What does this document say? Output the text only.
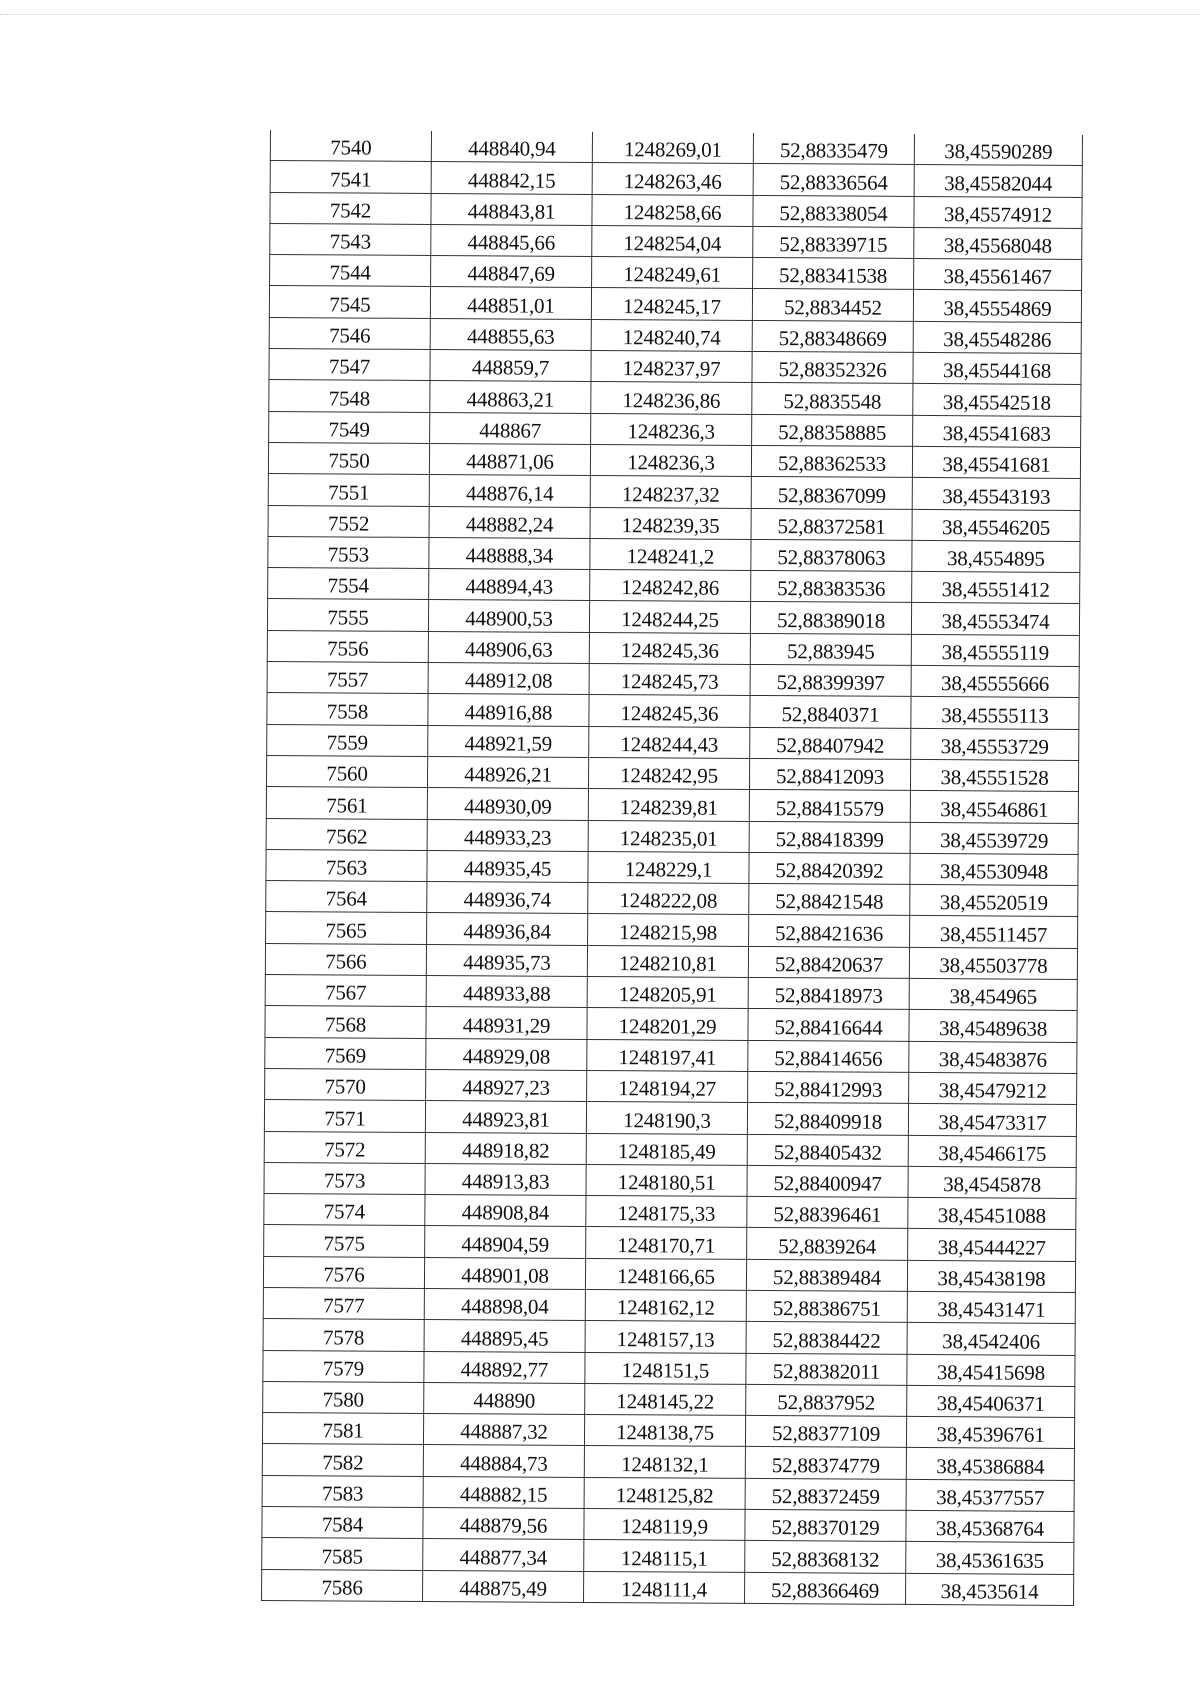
7540	448840,94	1248269,01	52,88335479	38,45590289
7541	448842,15	1248263,46	52,88336564	38,45582044
7542	448843,81	1248258,66	52,88338054	38,45574912
7543	448845,66	1248254,04	52,88339715	38,45568048
7544	448847,69	1248249,61	52,88341538	38,45561467
7545	448851,01	1248245,17	52,8834452	38,45554869
7546	448855,63	1248240,74	52,88348669	38,45548286
7547	448859,7	1248237,97	52,88352326	38,45544168
7548	448863,21	1248236,86	52,8835548	38,45542518
7549	448867	1248236,3	52,88358885	38,45541683
7550	448871,06	1248236,3	52,88362533	38,45541681
7551	448876,14	1248237,32	52,88367099	38,45543193
7552	448882,24	1248239,35	52,88372581	38,45546205
7553	448888,34	1248241,2	52,88378063	38,4554895
7554	448894,43	1248242,86	52,88383536	38,45551412
7555	448900,53	1248244,25	52,88389018	38,45553474
7556	448906,63	1248245,36	52,883945	38,45555119
7557	448912,08	1248245,73	52,88399397	38,45555666
7558	448916,88	1248245,36	52,8840371	38,45555113
7559	448921,59	1248244,43	52,88407942	38,45553729
7560	448926,21	1248242,95	52,88412093	38,45551528
7561	448930,09	1248239,81	52,88415579	38,45546861
7562	448933,23	1248235,01	52,88418399	38,45539729
7563	448935,45	1248229,1	52,88420392	38,45530948
7564	448936,74	1248222,08	52,88421548	38,45520519
7565	448936,84	1248215,98	52,88421636	38,45511457
7566	448935,73	1248210,81	52,88420637	38,45503778
7567	448933,88	1248205,91	52,88418973	38,454965
7568	448931,29	1248201,29	52,88416644	38,45489638
7569	448929,08	1248197,41	52,88414656	38,45483876
7570	448927,23	1248194,27	52,88412993	38,45479212
7571	448923,81	1248190,3	52,88409918	38,45473317
7572	448918,82	1248185,49	52,88405432	38,45466175
7573	448913,83	1248180,51	52,88400947	38,4545878
7574	448908,84	1248175,33	52,88396461	38,45451088
7575	448904,59	1248170,71	52,8839264	38,45444227
7576	448901,08	1248166,65	52,88389484	38,45438198
7577	448898,04	1248162,12	52,88386751	38,45431471
7578	448895,45	1248157,13	52,88384422	38,4542406
7579	448892,77	1248151,5	52,88382011	38,45415698
7580	448890	1248145,22	52,8837952	38,45406371
7581	448887,32	1248138,75	52,88377109	38,45396761
7582	448884,73	1248132,1	52,88374779	38,45386884
7583	448882,15	1248125,82	52,88372459	38,45377557
7584	448879,56	1248119,9	52,88370129	38,45368764
7585	448877,34	1248115,1	52,88368132	38,45361635
7586	448875,49	1248111,4	52,88366469	38,4535614
